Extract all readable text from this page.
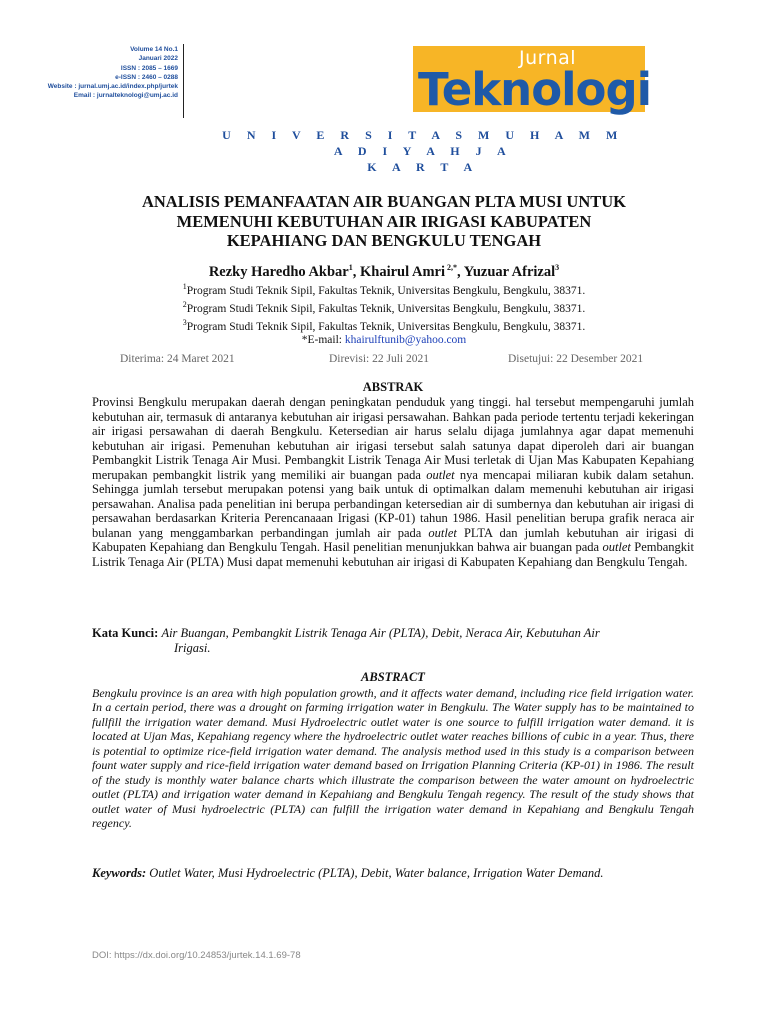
Volume 14 No.1
Januari 2022
ISSN : 2085 – 1669
e-ISSN : 2460 – 0288
Website : jurnal.umj.ac.id/index.php/jurtek
Email : jurnalteknologi@umj.ac.id
Jurnal
Teknologi
U N I V E R S I T A S M U H A M M A D I Y A H J A
K A R T A
ANALISIS PEMANFAATAN AIR BUANGAN PLTA MUSI UNTUK
MEMENUHI KEBUTUHAN AIR IRIGASI KABUPATEN
KEPAHIANG DAN BENGKULU TENGAH
Rezky Haredho Akbar$^1$, Khairul Amri $^{2,*}$, Yuzuar Afrizal$^3$
$^1$Program Studi Teknik Sipil, Fakultas Teknik, Universitas Bengkulu, Bengkulu, 38371.
$^2$Program Studi Teknik Sipil, Fakultas Teknik, Universitas Bengkulu, Bengkulu, 38371.
$^3$Program Studi Teknik Sipil, Fakultas Teknik, Universitas Bengkulu, Bengkulu, 38371.
*E-mail: khairulftunib@yahoo.com
Diterima: 24 Maret 2021	Direvisi: 22 Juli 2021	Disetujui: 22 Desember 2021
ABSTRAK
Provinsi Bengkulu merupakan daerah dengan peningkatan penduduk yang tinggi. hal tersebut mempengaruhi jumlah kebutuhan air, termasuk di antaranya kebutuhan air irigasi persawahan. Bahkan pada periode tertentu terjadi kekeringan air irigasi persawahan di daerah Bengkulu. Ketersedian air harus selalu dijaga jumlahnya agar dapat memenuhi kebutuhan air irigasi. Pemenuhan kebutuhan air irigasi tersebut salah satunya dapat diperoleh dari air buangan Pembangkit Listrik Tenaga Air Musi. Pembangkit Listrik Tenaga Air Musi terletak di Ujan Mas Kabupaten Kepahiang merupakan pembangkit listrik yang memiliki air buangan pada outlet nya mencapai miliaran kubik dalam setahun. Sehingga jumlah tersebut merupakan potensi yang baik untuk di optimalkan dalam memenuhi kebutuhan air irigasi persawahan. Analisa pada penelitian ini berupa perbandingan ketersedian air di sumbernya dan kebutuhan air irigasi di persawahan berdasarkan Kriteria Perencanaaan Irigasi (KP-01) tahun 1986. Hasil penelitian berupa grafik neraca air bulanan yang menggambarkan perbandingan jumlah air pada outlet PLTA dan jumlah kebutuhan air irigasi di Kabupaten Kepahiang dan Bengkulu Tengah. Hasil penelitian menunjukkan bahwa air buangan pada outlet Pembangkit Listrik Tenaga Air (PLTA) Musi dapat memenuhi kebutuhan air irigasi di Kabupaten Kepahiang dan Bengkulu Tengah.
Kata Kunci: Air Buangan, Pembangkit Listrik Tenaga Air (PLTA), Debit, Neraca Air, Kebutuhan Air
Irigasi.
ABSTRACT
Bengkulu province is an area with high population growth, and it affects water demand, including rice field irrigation water. In a certain period, there was a drought on farming irrigation water in Bengkulu. The Water supply has to be maintained to fullfill the irrigation water demand. Musi Hydroelectric outlet water is one source to fulfill irrigation water demand. it is located at Ujan Mas, Kepahiang regency where the hydroelectric outlet water reaches billions of cubic in a year. Thus, there is potential to optimize rice-field irrigation water demand. The analysis method used in this study is a comparison between fount water supply and rice-field irrigation water demand based on Irrigation Planning Criteria (KP-01) in 1986. The result of the study is monthly water balance charts which illustrate the comparison between the water amount on hydroelectric outlet (PLTA) and irrigation water demand in Kepahiang and Bengkulu Tengah regency. The result of the study shows that outlet water of Musi hydroelectric (PLTA) can fulfill the irrigation water demand in Kepahiang and Bengkulu Tengah regency.
Keywords: Outlet Water, Musi Hydroelectric (PLTA), Debit, Water balance, Irrigation Water Demand.
DOI: https://dx.doi.org/10.24853/jurtek.14.1.69-78
